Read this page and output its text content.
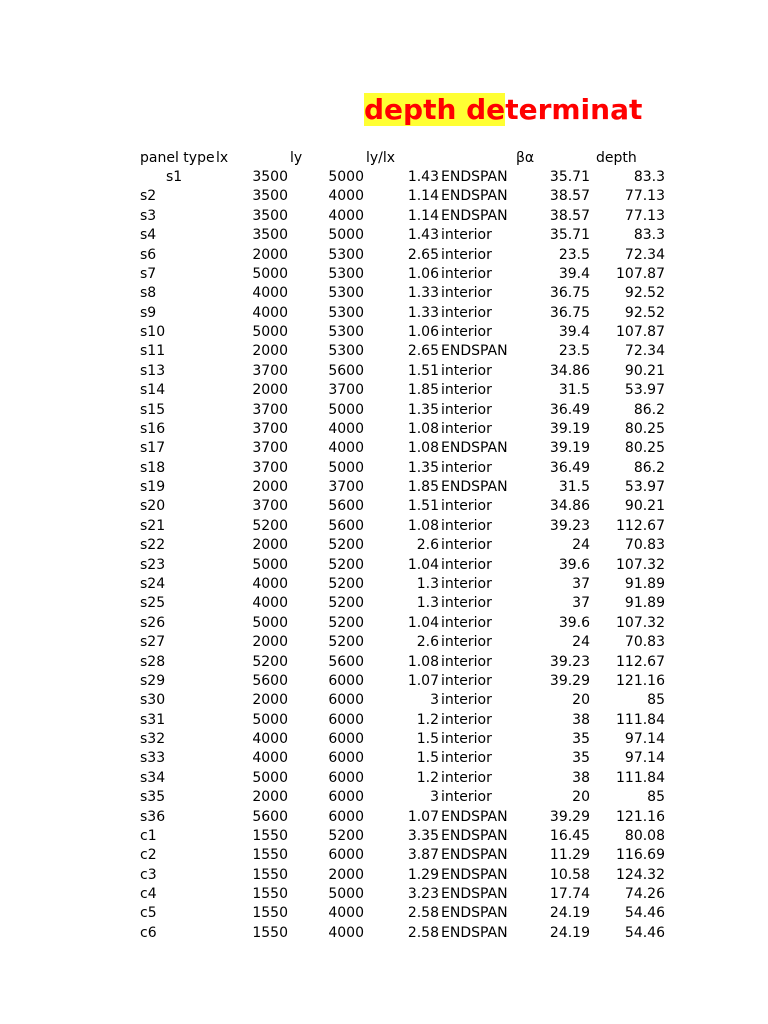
depth determinat
panel type lx	ly	ly/lx	βα	depth
s1	3500	5000	1.43 ENDSPAN	35.71	83.3
s2	3500	4000	1.14 ENDSPAN	38.57	77.13
s3	3500	4000	1.14 ENDSPAN	38.57	77.13
s4	3500	5000	1.43 interior	35.71	83.3
s6	2000	5300	2.65 interior	23.5	72.34
s7	5000	5300	1.06 interior	39.4	107.87
s8	4000	5300	1.33 interior	36.75	92.52
s9	4000	5300	1.33 interior	36.75	92.52
s10	5000	5300	1.06 interior	39.4	107.87
s11	2000	5300	2.65 ENDSPAN	23.5	72.34
s13	3700	5600	1.51 interior	34.86	90.21
s14	2000	3700	1.85 interior	31.5	53.97
s15	3700	5000	1.35 interior	36.49	86.2
s16	3700	4000	1.08 interior	39.19	80.25
s17	3700	4000	1.08 ENDSPAN	39.19	80.25
s18	3700	5000	1.35 interior	36.49	86.2
s19	2000	3700	1.85 ENDSPAN	31.5	53.97
s20	3700	5600	1.51 interior	34.86	90.21
s21	5200	5600	1.08 interior	39.23	112.67
s22	2000	5200	2.6 interior	24	70.83
s23	5000	5200	1.04 interior	39.6	107.32
s24	4000	5200	1.3 interior	37	91.89
s25	4000	5200	1.3 interior	37	91.89
s26	5000	5200	1.04 interior	39.6	107.32
s27	2000	5200	2.6 interior	24	70.83
s28	5200	5600	1.08 interior	39.23	112.67
s29	5600	6000	1.07 interior	39.29	121.16
s30	2000	6000	3 interior	20	85
s31	5000	6000	1.2 interior	38	111.84
s32	4000	6000	1.5 interior	35	97.14
s33	4000	6000	1.5 interior	35	97.14
s34	5000	6000	1.2 interior	38	111.84
s35	2000	6000	3 interior	20	85
s36	5600	6000	1.07 ENDSPAN	39.29	121.16
c1	1550	5200	3.35 ENDSPAN	16.45	80.08
c2	1550	6000	3.87 ENDSPAN	11.29	116.69
c3	1550	2000	1.29 ENDSPAN	10.58	124.32
c4	1550	5000	3.23 ENDSPAN	17.74	74.26
c5	1550	4000	2.58 ENDSPAN	24.19	54.46
c6	1550	4000	2.58 ENDSPAN	24.19	54.46
